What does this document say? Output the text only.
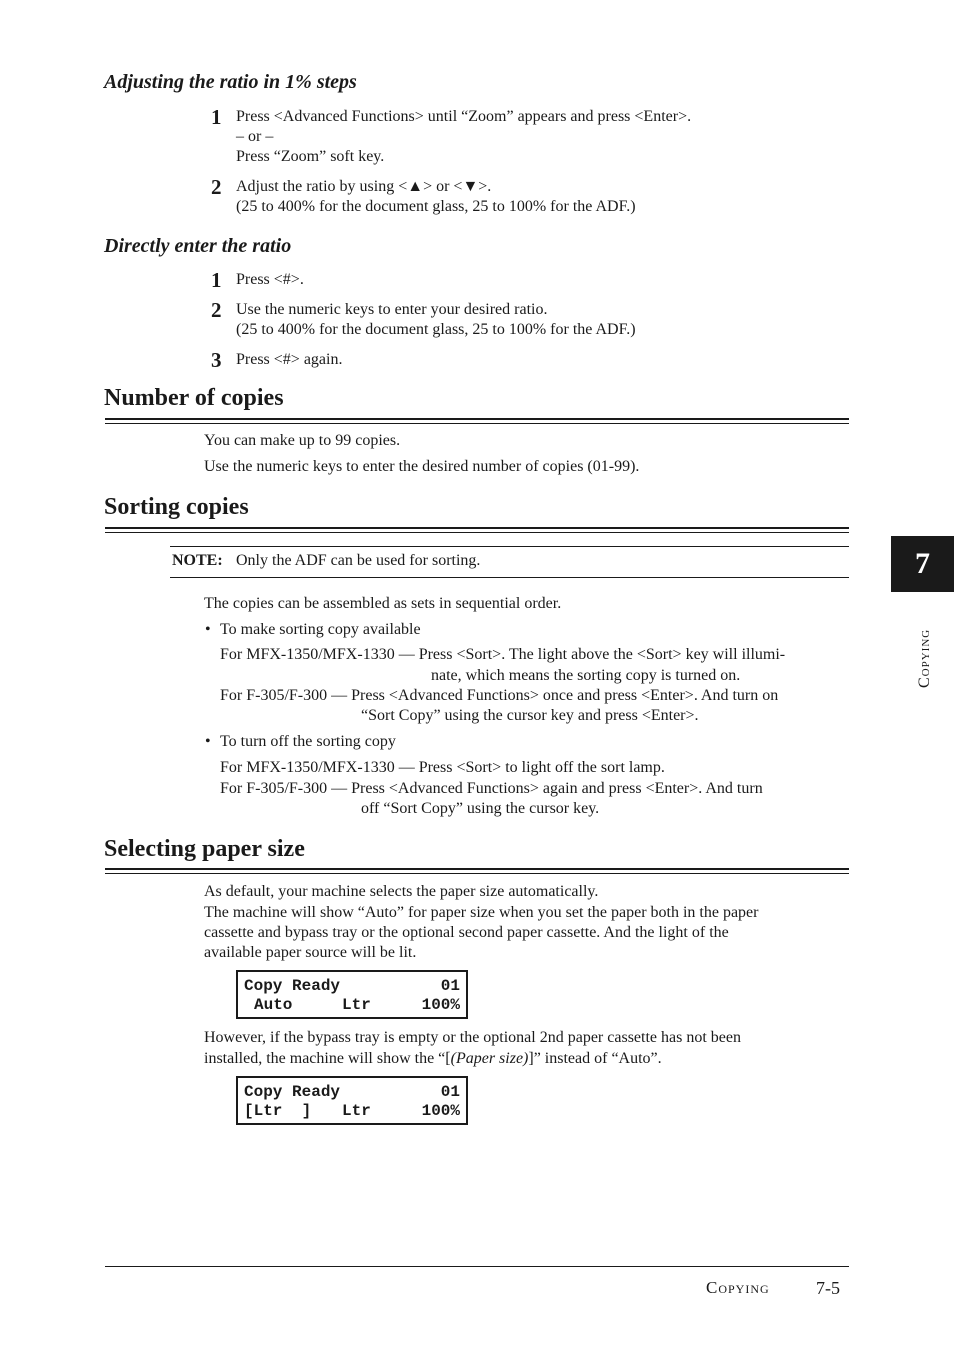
Adjusting the ratio in 1% steps
1 Press <Advanced Functions> until “Zoom” appears and press <Enter>.
– or –
Press “Zoom” soft key.
2 Adjust the ratio by using <▲> or <▼>.
(25 to 400% for the document glass, 25 to 100% for the ADF.)
Directly enter the ratio
1 Press <#>.
2 Use the numeric keys to enter your desired ratio.
(25 to 400% for the document glass, 25 to 100% for the ADF.)
3 Press <#> again.
Number of copies
You can make up to 99 copies.
Use the numeric keys to enter the desired number of copies (01-99).
Sorting copies
NOTE: Only the ADF can be used for sorting.
The copies can be assembled as sets in sequential order.
• To make sorting copy available
For MFX-1350/MFX-1330 — Press <Sort>. The light above the <Sort> key will illumi-
nate, which means the sorting copy is turned on.
For F-305/F-300 — Press <Advanced Functions> once and press <Enter>. And turn on
“Sort Copy” using the cursor key and press <Enter>.
• To turn off the sorting copy
For MFX-1350/MFX-1330 — Press <Sort> to light off the sort lamp.
For F-305/F-300 — Press <Advanced Functions> again and press <Enter>. And turn
off “Sort Copy” using the cursor key.
Selecting paper size
As default, your machine selects the paper size automatically.
The machine will show “Auto” for paper size when you set the paper both in the paper
cassette and bypass tray or the optional second paper cassette. And the light of the
available paper source will be lit.
Copy Ready	01
Auto	Ltr	100%
However, if the bypass tray is empty or the optional 2nd paper cassette has not been
installed, the machine will show the “[(Paper size)]” instead of “Auto”.
Copy Ready	01
[Ltr  ] Ltr	100%
7
Copying
Copying	7-5
